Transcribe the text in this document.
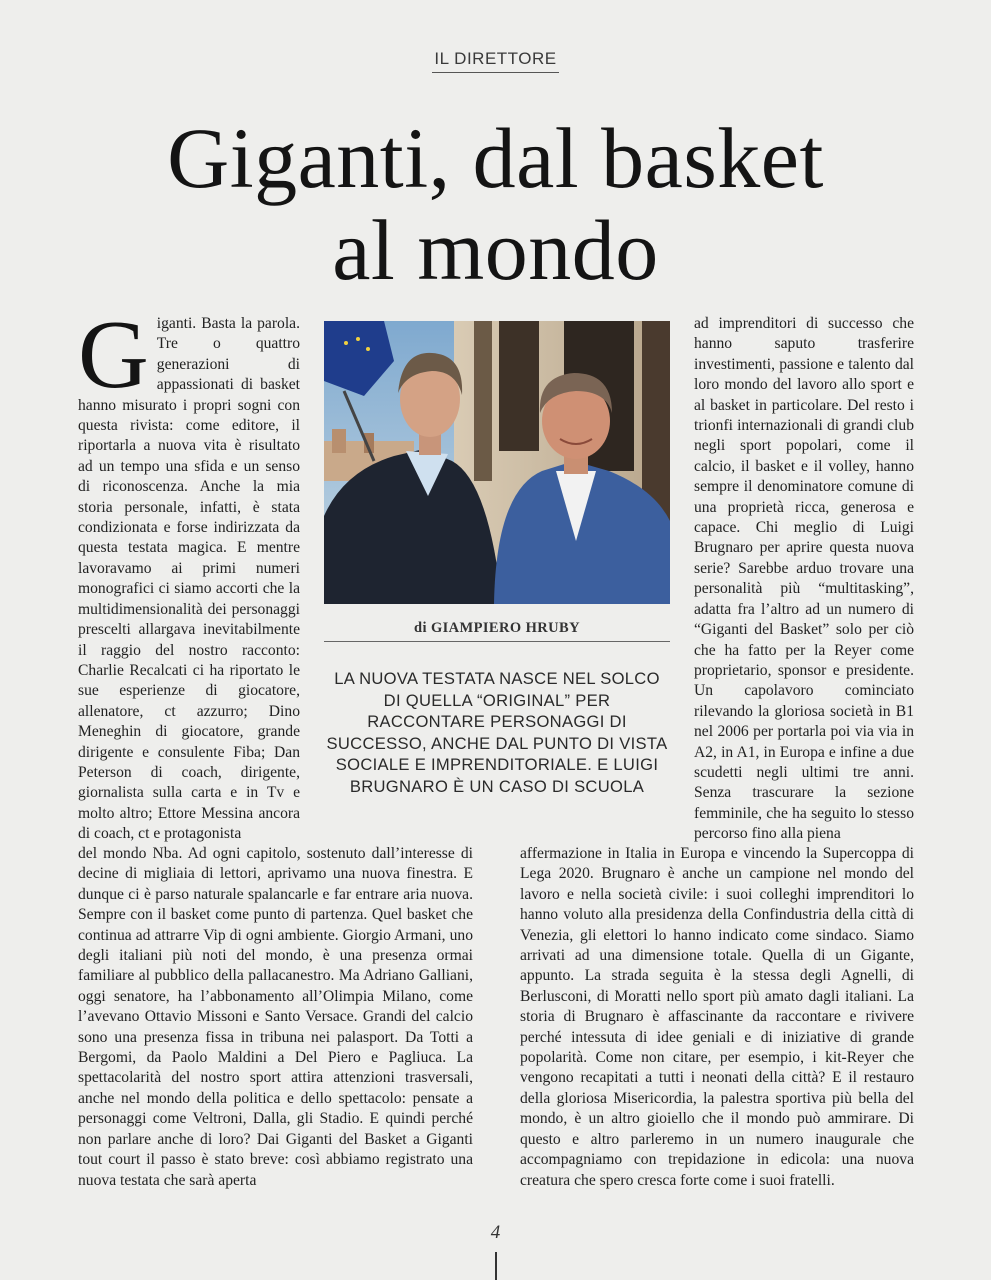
IL DIRETTORE
Giganti, dal basket
al mondo

Giganti. Basta la parola. Tre o quattro generazioni di appassionati di basket hanno misurato i propri sogni con questa rivista: come editore, il riportarla a nuova vita è risultato ad un tempo una sfida e un senso di riconoscenza. Anche la mia storia personale, infatti, è stata condizionata e forse indirizzata da questa testata magica. E mentre lavoravamo ai primi numeri monografici ci siamo accorti che la multidimensionalità dei personaggi prescelti allargava inevitabilmente il raggio del nostro racconto: Charlie Recalcati ci ha riportato le sue esperienze di giocatore, allenatore, ct azzurro; Dino Meneghin di giocatore, grande dirigente e consulente Fiba; Dan Peterson di coach, dirigente, giornalista sulla carta e in Tv e molto altro; Ettore Messina ancora di coach, ct e protagonista

di GIAMPIERO HRUBY

LA NUOVA TESTATA NASCE NEL SOLCO DI QUELLA “ORIGINAL” PER RACCONTARE PERSONAGGI DI SUCCESSO, ANCHE DAL PUNTO DI VISTA SOCIALE E IMPRENDITORIALE. E LUIGI BRUGNARO È UN CASO DI SCUOLA

ad imprenditori di successo che hanno saputo trasferire investimenti, passione e talento dal loro mondo del lavoro allo sport e al basket in particolare. Del resto i trionfi internazionali di grandi club negli sport popolari, come il calcio, il basket e il volley, hanno sempre il denominatore comune di una proprietà ricca, generosa e capace. Chi meglio di Luigi Brugnaro per aprire questa nuova serie? Sarebbe arduo trovare una personalità più “multitasking”, adatta fra l’altro ad un numero di “Giganti del Basket” solo per ciò che ha fatto per la Reyer come proprietario, sponsor e presidente. Un capolavoro cominciato rilevando la gloriosa società in B1 nel 2006 per portarla poi via via in A2, in A1, in Europa e infine a due scudetti negli ultimi tre anni. Senza trascurare la sezione femminile, che ha seguito lo stesso percorso fino alla piena

del mondo Nba. Ad ogni capitolo, sostenuto dall’interesse di decine di migliaia di lettori, aprivamo una nuova finestra. E dunque ci è parso naturale spalancarle e far entrare aria nuova. Sempre con il basket come punto di partenza. Quel basket che continua ad attrarre Vip di ogni ambiente. Giorgio Armani, uno degli italiani più noti del mondo, è una presenza ormai familiare al pubblico della pallacanestro. Ma Adriano Galliani, oggi senatore, ha l’abbonamento all’Olimpia Milano, come l’avevano Ottavio Missoni e Santo Versace. Grandi del calcio sono una presenza fissa in tribuna nei palasport. Da Totti a Bergomi, da Paolo Maldini a Del Piero e Pagliuca. La spettacolarità del nostro sport attira attenzioni trasversali, anche nel mondo della politica e dello spettacolo: pensate a personaggi come Veltroni, Dalla, gli Stadio. E quindi perché non parlare anche di loro? Dai Giganti del Basket a Giganti tout court il passo è stato breve: così abbiamo registrato una nuova testata che sarà aperta

affermazione in Italia in Europa e vincendo la Supercoppa di Lega 2020. Brugnaro è anche un campione nel mondo del lavoro e nella società civile: i suoi colleghi imprenditori lo hanno voluto alla presidenza della Confindustria della città di Venezia, gli elettori lo hanno indicato come sindaco. Siamo arrivati ad una dimensione totale. Quella di un Gigante, appunto. La strada seguita è la stessa degli Agnelli, di Berlusconi, di Moratti nello sport più amato dagli italiani. La storia di Brugnaro è affascinante da raccontare e rivivere perché intessuta di idee geniali e di iniziative di grande popolarità. Come non citare, per esempio, i kit-Reyer che vengono recapitati a tutti i neonati della città? E il restauro della gloriosa Misericordia, la palestra sportiva più bella del mondo, è un altro gioiello che il mondo può ammirare. Di questo e altro parleremo in un numero inaugurale che accompagniamo con trepidazione in edicola: una nuova creatura che spero cresca forte come i suoi fratelli.

4
